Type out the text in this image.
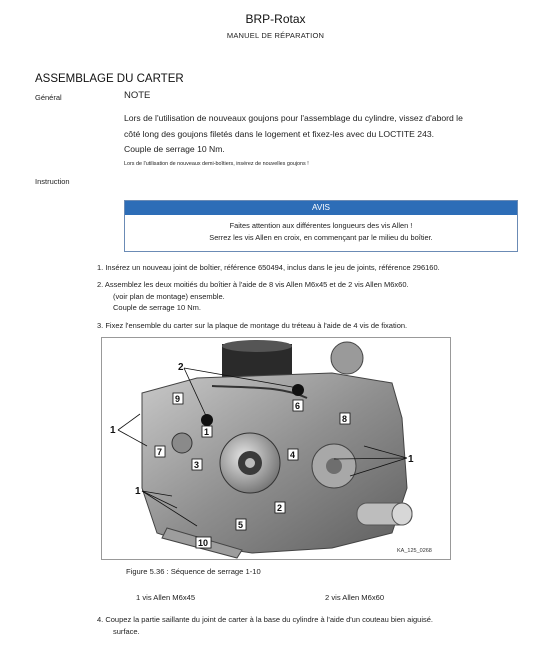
BRP-Rotax
MANUEL DE RÉPARATION
ASSEMBLAGE DU CARTER
Général	NOTE
Lors de l'utilisation de nouveaux goujons pour l'assemblage du cylindre, vissez d'abord le
côté long des goujons filetés dans le logement et fixez-les avec du LOCTITE 243.
Couple de serrage 10 Nm.
Lors de l'utilisation de nouveaux demi-boîtiers, insérez de nouvelles goujons !
Instruction
AVIS
Faites attention aux différentes longueurs des vis Allen !
Serrez les vis Allen en croix, en commençant par le milieu du boîtier.
1. Insérez un nouveau joint de boîtier, référence 650494, inclus dans le jeu de joints, référence 296160.
2. Assemblez les deux moitiés du boîtier à l'aide de 8 vis Allen M6x45 et de 2 vis Allen M6x60.
(voir plan de montage) ensemble.
Couple de serrage 10 Nm.
3. Fixez l'ensemble du carter sur la plaque de montage du tréteau à l'aide de 4 vis de fixation.
1
1
1
2
9
1
7
3
6
8
4
2
5
10
KA_125_0268
Figure 5.36 : Séquence de serrage 1-10
1 vis Allen M6x45	2 vis Allen M6x60
4. Coupez la partie saillante du joint de carter à la base du cylindre à l'aide d'un couteau bien aiguisé.
surface.
